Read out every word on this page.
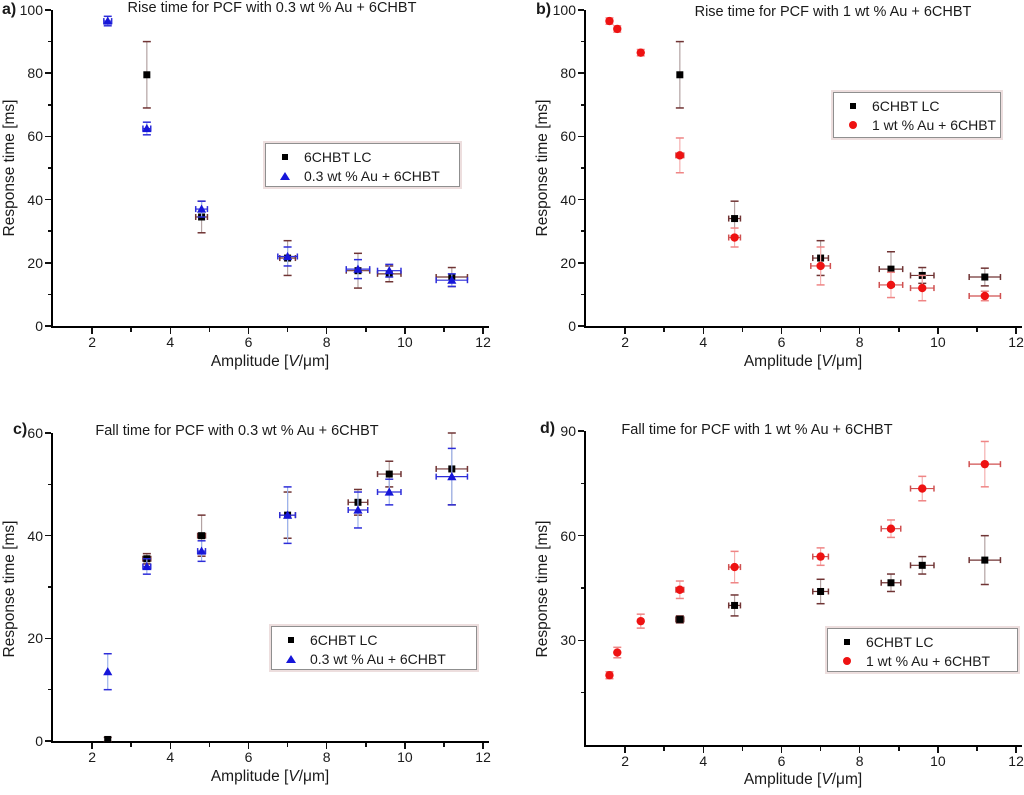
a)	Rise time for PCF with 0.3 wt % Au + 6CHBT
Response time [ms]
Amplitude [V/μm]
6CHBT LC
0.3 wt % Au + 6CHBT
2	4	6	8	10	12
0
20
40
60
80
100	b)	Rise time for PCF with 1 wt % Au + 6CHBT
Response time [ms]
Amplitude [V/μm]
6CHBT LC
1 wt % Au + 6CHBT
2	4	6	8	10	12
0
20
40
60
80
100
c)	Fall time for PCF with 0.3 wt % Au + 6CHBT
Response time [ms]
Amplitude [V/μm]
6CHBT LC
0.3 wt % Au + 6CHBT
2	4	6	8	10	12
0
20
40
60	d)	Fall time for PCF with 1 wt % Au + 6CHBT
Response time [ms]
Amplitude [V/μm]
6CHBT LC
1 wt % Au + 6CHBT
2	4	6	8	10	12
30
60
90
